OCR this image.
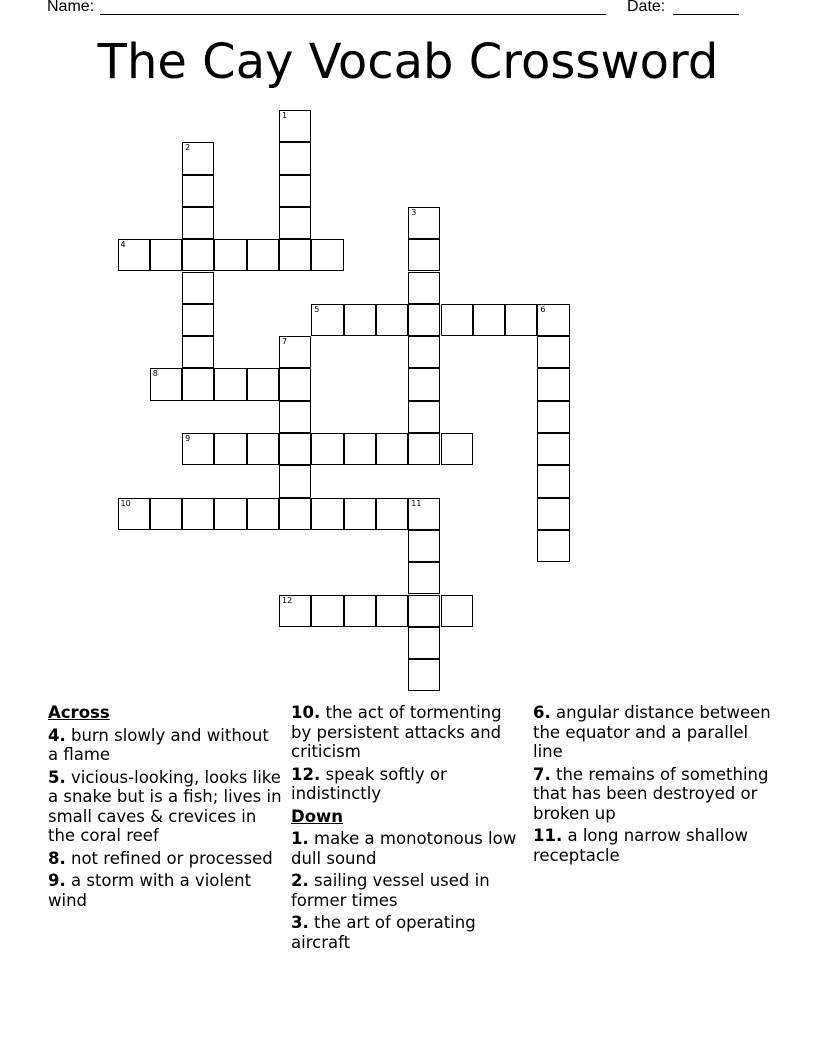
Name:	Date:
The Cay Vocab Crossword
1
2
3
4
5	6
7
8
9
10	11
12
Across
4. burn slowly and without a flame
5. vicious-looking, looks like a snake but is a fish; lives in small caves & crevices in the coral reef
8. not refined or processed
9. a storm with a violent wind
10. the act of tormenting by persistent attacks and criticism
12. speak softly or indistinctly
Down
1. make a monotonous low dull sound
2. sailing vessel used in former times
3. the art of operating aircraft
6. angular distance between the equator and a parallel line
7. the remains of something that has been destroyed or broken up
11. a long narrow shallow receptacle
